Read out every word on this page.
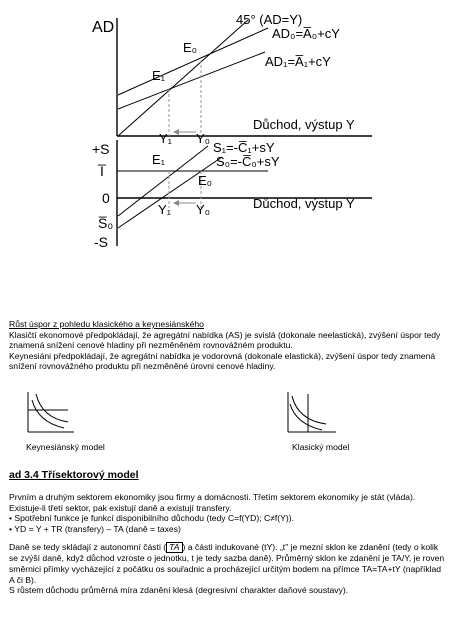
AD	45° (AD=Y)
AD₀=A̅₀+cY
AD₁=A̅₁+cY
E₀
E₁
Důchod, výstup Y
Y₁ Y₀
+S
I̅
S₁=-C̅₁+sY
S₀=-C̅₀+sY
E₁
E₀
0
S̅₀
-S
Y₁ Y₀	Důchod, výstup Y
Růst úspor z pohledu klasického a keynesiánského
Klasičtí ekonomové předpokládají, že agregátní nabídka (AS) je svislá (dokonale neelastická), zvýšení úspor tedy znamená snížení cenové hladiny při nezměněném rovnovážném produktu.
Keynesiáni předpokládají, že agregátní nabídka je vodorovná (dokonale elastická), zvýšení úspor tedy znamená snížení rovnovážného produktu při nezměněné úrovni cenové hladiny.
Keynesiánský model	Klasický model
ad 3.4 Třísektorový model
Prvním a druhým sektorem ekonomiky jsou firmy a domácnosti. Třetím sektorem ekonomiky je stát (vláda). Existuje-li třetí sektor, pak existují daně a existují transfery.
• Spotřební funkce je funkcí disponibilního důchodu (tedy C=f(YD); C≠f(Y)).
• YD = Y + TR (transfery) – TA (daně = taxes)
Daně se tedy skládají z autonomní části ( TA ) a části indukované (tY). „t" je mezní sklon ke zdanění (tedy o kolik se zvýší daně, když důchod vzroste o jednotku, t je tedy sazba daně). Průměrný sklon ke zdanění je TA/Y, je roven směrnici přímky vycházející z počátku os souřadnic a procházející určitým bodem na přímce TA=TA+tY (například A či B).
S růstem důchodu průměrná míra zdanění klesá (degresivní charakter daňové soustavy).
